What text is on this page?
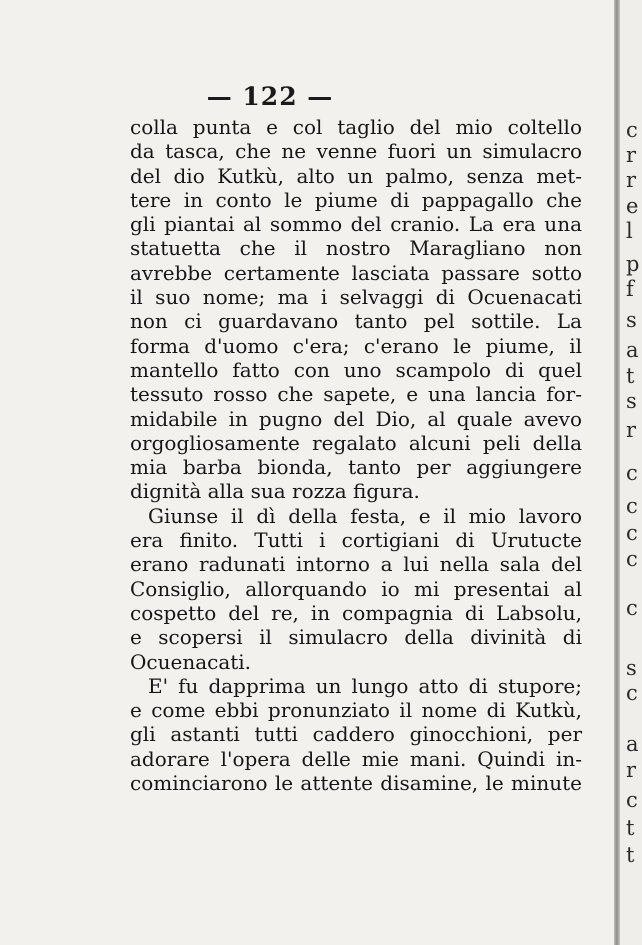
— 122 —
colla punta e col taglio del mio coltello
da tasca, che ne venne fuori un simulacro
del dio Kutkù, alto un palmo, senza met-
tere in conto le piume di pappagallo che
gli piantai al sommo del cranio. La era una
statuetta che il nostro Maragliano non
avrebbe certamente lasciata passare sotto
il suo nome; ma i selvaggi di Ocuenacati
non ci guardavano tanto pel sottile. La
forma d'uomo c'era; c'erano le piume, il
mantello fatto con uno scampolo di quel
tessuto rosso che sapete, e una lancia for-
midabile in pugno del Dio, al quale avevo
orgogliosamente regalato alcuni peli della
mia barba bionda, tanto per aggiungere
dignità alla sua rozza figura.
Giunse il dì della festa, e il mio lavoro
era finito. Tutti i cortigiani di Urutucte
erano radunati intorno a lui nella sala del
Consiglio, allorquando io mi presentai al
cospetto del re, in compagnia di Labsolu,
e scopersi il simulacro della divinità di
Ocuenacati.
E' fu dapprima un lungo atto di stupore;
e come ebbi pronunziato il nome di Kutkù,
gli astanti tutti caddero ginocchioni, per
adorare l'opera delle mie mani. Quindi in-
cominciarono le attente disamine, le minute
c
r
r
e
l
p
f
s
a
t
s
r
c
c
c
c
c
s
c
a
r
c
t
t
